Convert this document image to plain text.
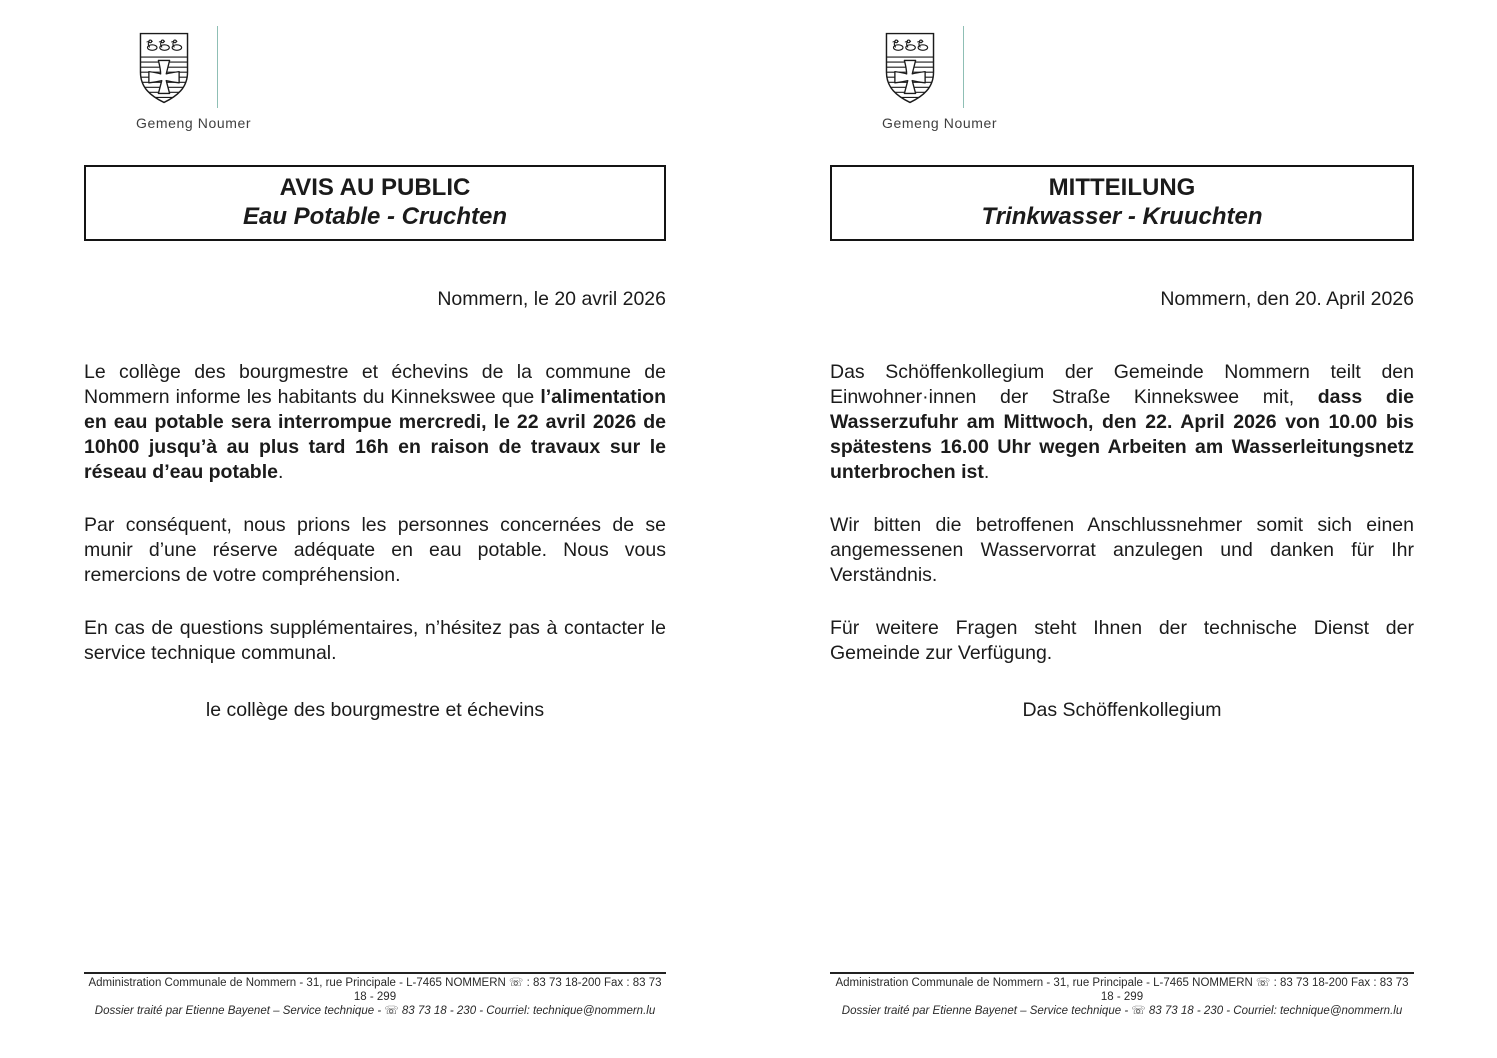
Gemeng Noumer
AVIS AU PUBLIC
Eau Potable - Cruchten
Nommern, le 20 avril 2026

Le collège des bourgmestre et échevins de la commune de Nommern informe les habitants du Kinnekswee que l’alimentation en eau potable sera interrompue mercredi, le 22 avril 2026 de 10h00 jusqu’à au plus tard 16h en raison de travaux sur le réseau d’eau potable.

Par conséquent, nous prions les personnes concernées de se munir d’une réserve adéquate en eau potable. Nous vous remercions de votre compréhension.

En cas de questions supplémentaires, n’hésitez pas à contacter le service technique communal.

le collège des bourgmestre et échevins
Administration Communale de Nommern - 31, rue Principale - L-7465 NOMMERN ☏ : 83 73 18-200 Fax : 83 73 18 - 299
Dossier traité par Etienne Bayenet – Service technique - ☏ 83 73 18 - 230 - Courriel: technique@nommern.lu
Gemeng Noumer
MITTEILUNG
Trinkwasser - Kruuchten
Nommern, den 20. April 2026

Das Schöffenkollegium der Gemeinde Nommern teilt den Einwohner·innen der Straße Kinnekswee mit, dass die Wasserzufuhr am Mittwoch, den 22. April 2026 von 10.00 bis spätestens 16.00 Uhr wegen Arbeiten am Wasserleitungsnetz unterbrochen ist.

Wir bitten die betroffenen Anschlussnehmer somit sich einen angemessenen Wasservorrat anzulegen und danken für Ihr Verständnis.

Für weitere Fragen steht Ihnen der technische Dienst der Gemeinde zur Verfügung.

Das Schöffenkollegium
Administration Communale de Nommern - 31, rue Principale - L-7465 NOMMERN ☏ : 83 73 18-200 Fax : 83 73 18 - 299
Dossier traité par Etienne Bayenet – Service technique - ☏ 83 73 18 - 230 - Courriel: technique@nommern.lu
